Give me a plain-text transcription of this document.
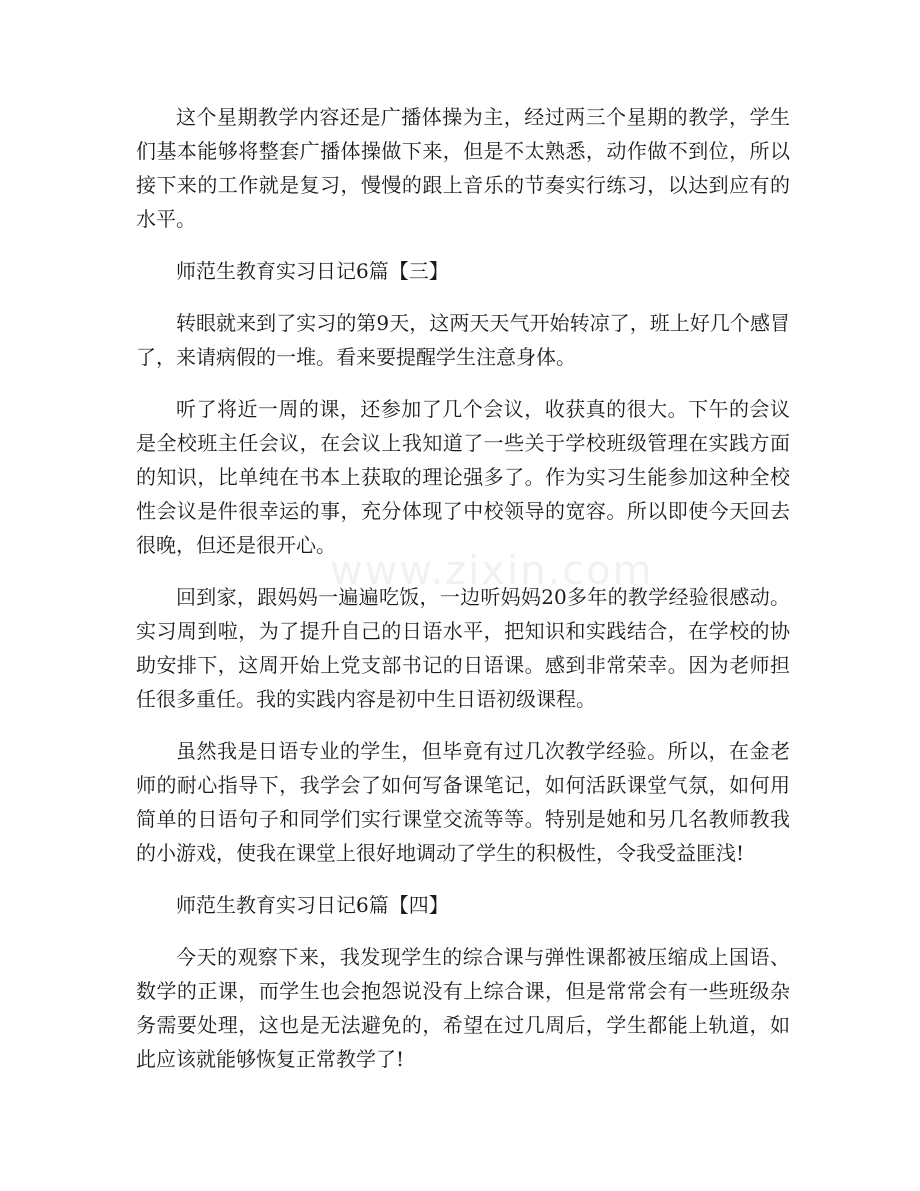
www.zixin.com

这个星期教学内容还是广播体操为主，经过两三个星期的教学，学生们基本能够将整套广播体操做下来，但是不太熟悉，动作做不到位，所以接下来的工作就是复习，慢慢的跟上音乐的节奏实行练习，以达到应有的水平。

师范生教育实习日记6篇【三】

转眼就来到了实习的第9天，这两天天气开始转凉了，班上好几个感冒了，来请病假的一堆。看来要提醒学生注意身体。

听了将近一周的课，还参加了几个会议，收获真的很大。下午的会议是全校班主任会议，在会议上我知道了一些关于学校班级管理在实践方面的知识，比单纯在书本上获取的理论强多了。作为实习生能参加这种全校性会议是件很幸运的事，充分体现了中校领导的宽容。所以即使今天回去很晚，但还是很开心。

回到家，跟妈妈一遍遍吃饭，一边听妈妈20多年的教学经验很感动。实习周到啦，为了提升自己的日语水平，把知识和实践结合，在学校的协助安排下，这周开始上党支部书记的日语课。感到非常荣幸。因为老师担任很多重任。我的实践内容是初中生日语初级课程。

虽然我是日语专业的学生，但毕竟有过几次教学经验。所以，在金老师的耐心指导下，我学会了如何写备课笔记，如何活跃课堂气氛，如何用简单的日语句子和同学们实行课堂交流等等。特别是她和另几名教师教我的小游戏，使我在课堂上很好地调动了学生的积极性，令我受益匪浅!

师范生教育实习日记6篇【四】

今天的观察下来，我发现学生的综合课与弹性课都被压缩成上国语、数学的正课，而学生也会抱怨说没有上综合课，但是常常会有一些班级杂务需要处理，这也是无法避免的，希望在过几周后，学生都能上轨道，如此应该就能够恢复正常教学了!
